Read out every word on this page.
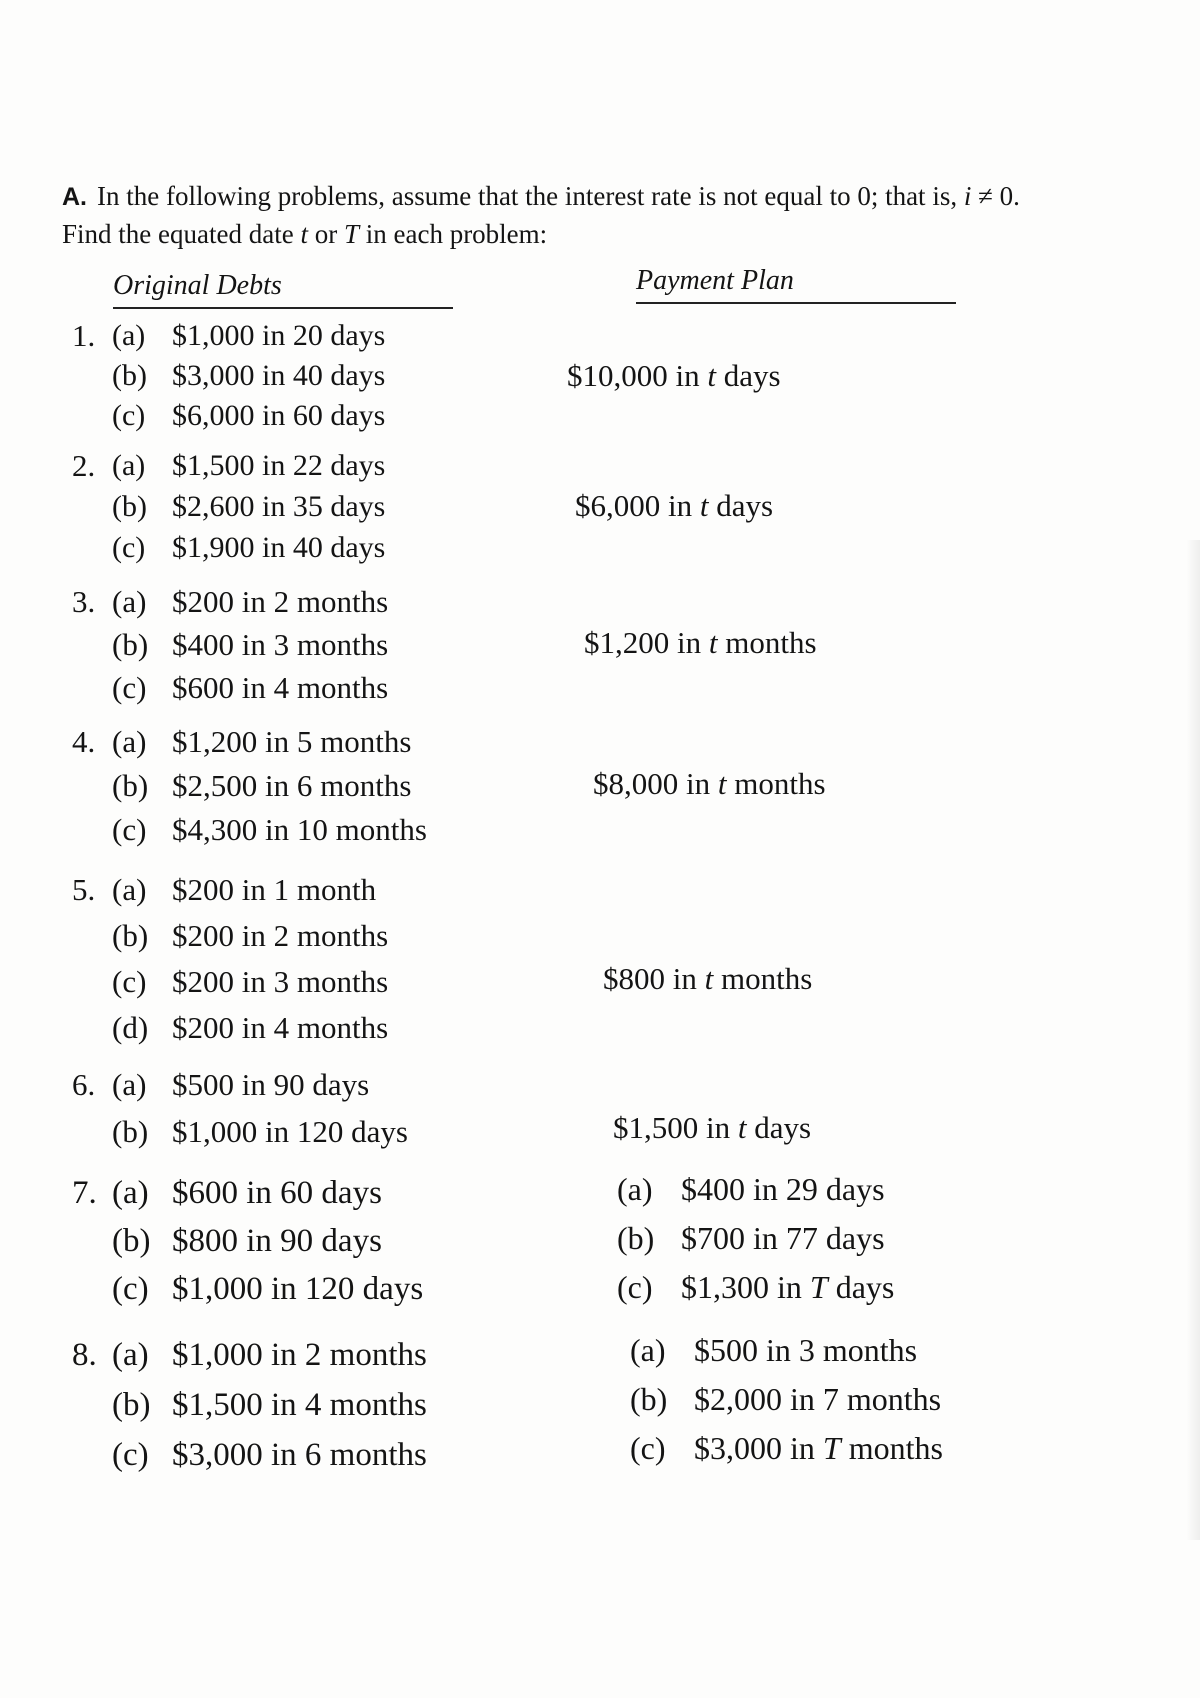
A. In the following problems, assume that the interest rate is not equal to 0; that is, i ≠ 0.
Find the equated date t or T in each problem:
Original Debts	Payment Plan
1. (a) $1,000 in 20 days
(b) $3,000 in 40 days
(c) $6,000 in 60 days
$10,000 in t days
2. (a) $1,500 in 22 days
(b) $2,600 in 35 days
(c) $1,900 in 40 days
$6,000 in t days
3. (a) $200 in 2 months
(b) $400 in 3 months
(c) $600 in 4 months
$1,200 in t months
4. (a) $1,200 in 5 months
(b) $2,500 in 6 months
(c) $4,300 in 10 months
$8,000 in t months
5. (a) $200 in 1 month
(b) $200 in 2 months
(c) $200 in 3 months
(d) $200 in 4 months
$800 in t months
6. (a) $500 in 90 days
(b) $1,000 in 120 days	$1,500 in t days
7. (a) $600 in 60 days
(b) $800 in 90 days
(c) $1,000 in 120 days
(a) $400 in 29 days
(b) $700 in 77 days
(c) $1,300 in T days
8. (a) $1,000 in 2 months
(b) $1,500 in 4 months
(c) $3,000 in 6 months
(a) $500 in 3 months
(b) $2,000 in 7 months
(c) $3,000 in T months
